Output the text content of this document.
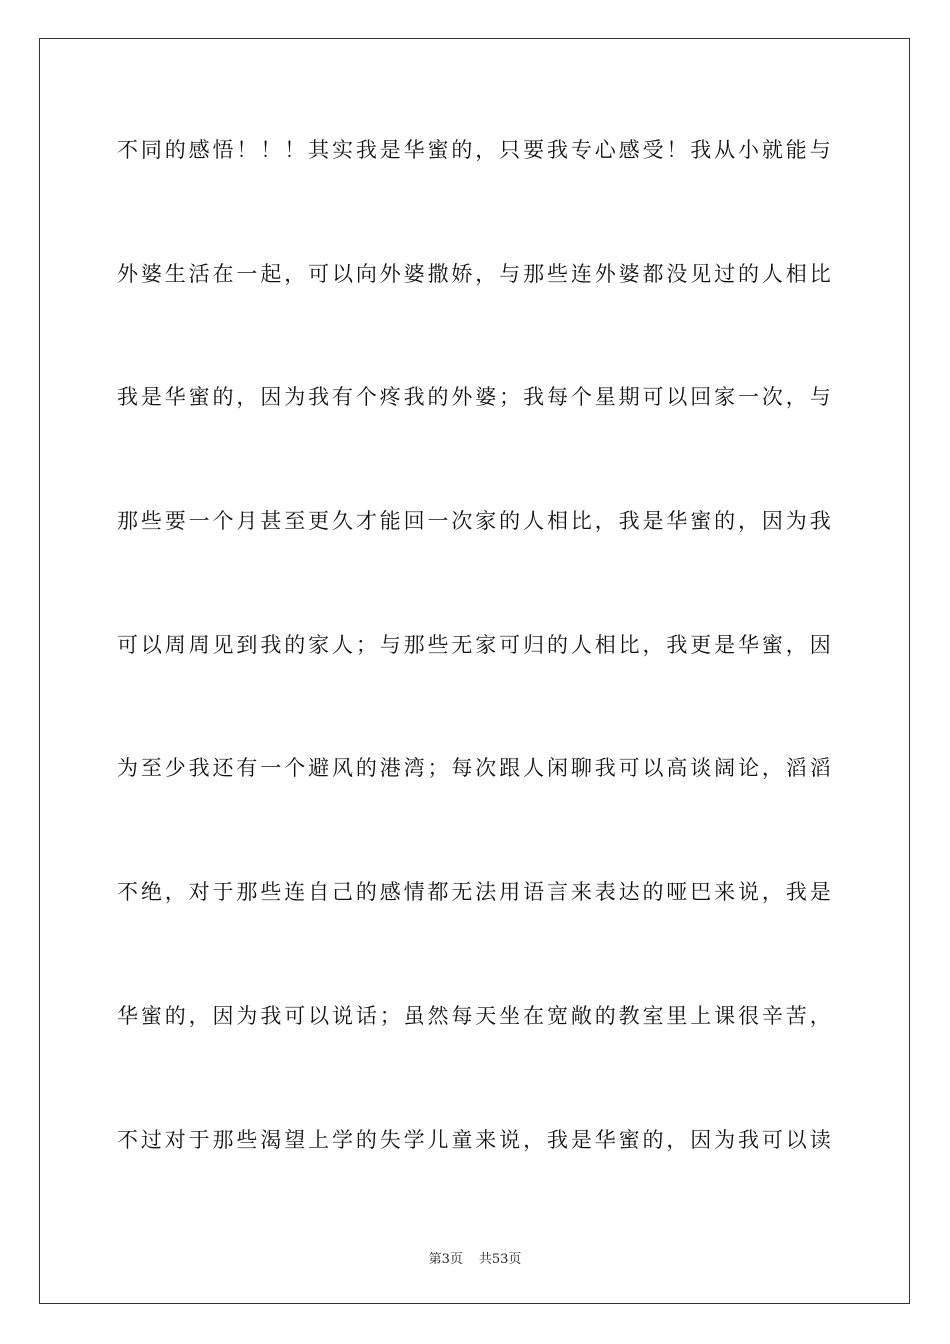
不同的感悟！！！其实我是华蜜的，只要我专心感受！我从小就能与
外婆生活在一起，可以向外婆撒娇，与那些连外婆都没见过的人相比
我是华蜜的，因为我有个疼我的外婆；我每个星期可以回家一次，与
那些要一个月甚至更久才能回一次家的人相比，我是华蜜的，因为我
可以周周见到我的家人；与那些无家可归的人相比，我更是华蜜，因
为至少我还有一个避风的港湾；每次跟人闲聊我可以高谈阔论，滔滔
不绝，对于那些连自己的感情都无法用语言来表达的哑巴来说，我是
华蜜的，因为我可以说话；虽然每天坐在宽敞的教室里上课很辛苦，
不过对于那些渴望上学的失学儿童来说，我是华蜜的，因为我可以读
第3页 共53页
